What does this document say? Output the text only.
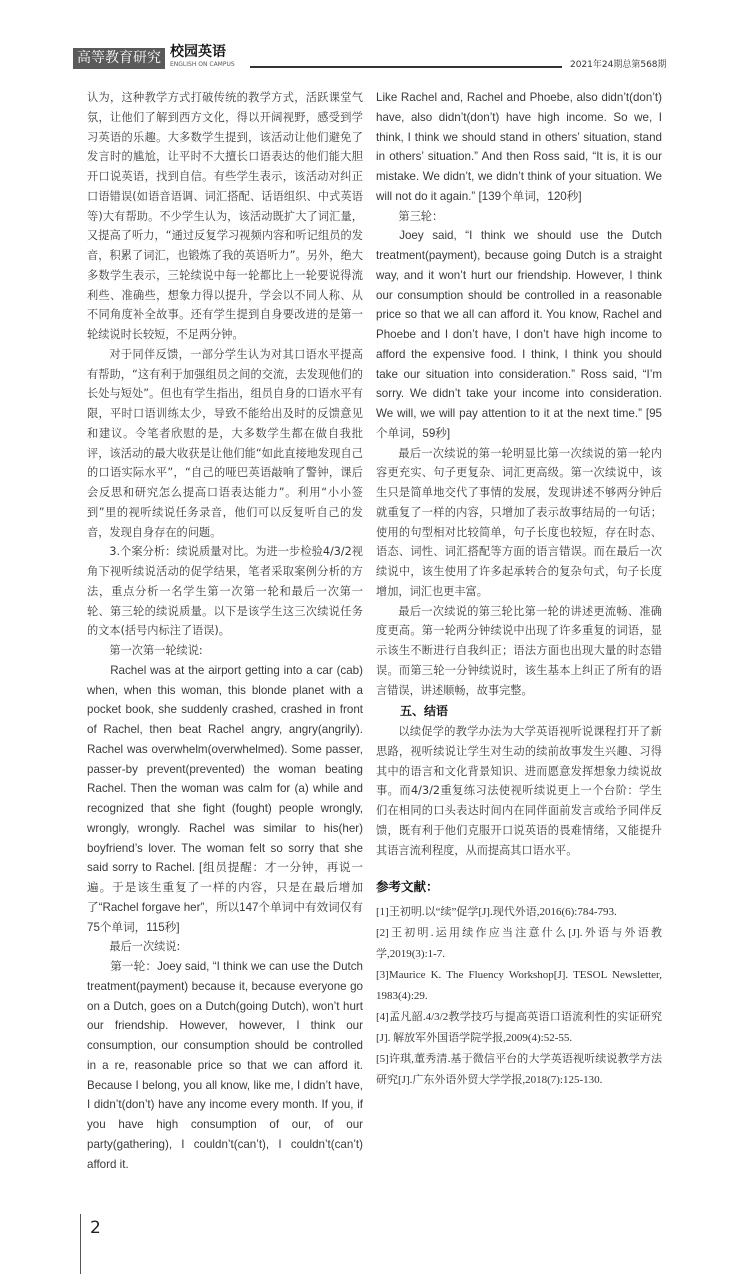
高等教育研究 校园英语
ENGLISH ON CAMPUS	2021年24期总第568期

认为，这种教学方式打破传统的教学方式，活跃课堂气氛，让他们了解到西方文化，得以开阔视野，感受到学习英语的乐趣。大多数学生提到，该活动让他们避免了发言时的尴尬，让平时不大擅长口语表达的他们能大胆开口说英语，找到自信。有些学生表示，该活动对纠正口语错误(如语音语调、词汇搭配、话语组织、中式英语等)大有帮助。不少学生认为，该活动既扩大了词汇量，又提高了听力，“通过反复学习视频内容和听记组员的发音，积累了词汇，也锻炼了我的英语听力”。另外，绝大多数学生表示，三轮续说中每一轮都比上一轮要说得流利些、准确些，想象力得以提升，学会以不同人称、从不同角度补全故事。还有学生提到自身要改进的是第一轮续说时长较短，不足两分钟。

对于同伴反馈，一部分学生认为对其口语水平提高有帮助，“这有利于加强组员之间的交流，去发现他们的长处与短处”。但也有学生指出，组员自身的口语水平有限，平时口语训练太少，导致不能给出及时的反馈意见和建议。令笔者欣慰的是，大多数学生都在做自我批评，该活动的最大收获是让他们能“如此直接地发现自己的口语实际水平”，“自己的哑巴英语敲响了警钟，课后会反思和研究怎么提高口语表达能力”。利用“小小签到”里的视听续说任务录音，他们可以反复听自己的发音，发现自身存在的问题。

3.个案分析：续说质量对比。为进一步检验4/3/2视角下视听续说活动的促学结果，笔者采取案例分析的方法，重点分析一名学生第一次第一轮和最后一次第一轮、第三轮的续说质量。以下是该学生这三次续说任务的文本(括号内标注了语误)。

第一次第一轮续说:

Rachel was at the airport getting into a car (cab) when, when this woman, this blonde planet with a pocket book, she suddenly crashed, crashed in front of Rachel, then beat Rachel angry, angry(angrily). Rachel was overwhelm(overwhelmed). Some passer, passer-by prevent(prevented) the woman beating Rachel. Then the woman was calm for (a) while and recognized that she fight (fought) people wrongly, wrongly, wrongly. Rachel was similar to his(her) boyfriend’s lover. The woman felt so sorry that she said sorry to Rachel. [组员提醒：才一分钟，再说一遍。于是该生重复了一样的内容，只是在最后增加了“Rachel forgave her”，所以147个单词中有效词仅有75个单词，115秒]

最后一次续说:

第一轮：Joey said, “I think we can use the Dutch treatment(payment) because it, because everyone go on a Dutch, goes on a Dutch(going Dutch), won’t hurt our friendship. However, however, I think our consumption, our consumption should be controlled in a re, reasonable price so that we can afford it. Because I belong, you all know, like me, I didn’t have, I didn’t(don’t) have any income every month. If you, if you have high consumption of our, of our party(gathering), I couldn’t(can’t), I couldn’t(can’t) afford it.

Like Rachel and, Rachel and Phoebe, also didn’t(don’t) have, also didn’t(don’t) have high income. So we, I think, I think we should stand in others’ situation, stand in others’ situation.” And then Ross said, “It is, it is our mistake. We didn’t, we didn’t think of your situation. We will not do it again.” [139个单词，120秒]

第三轮：

Joey said, “I think we should use the Dutch treatment(payment), because going Dutch is a straight way, and it won’t hurt our friendship. However, I think our consumption should be controlled in a reasonable price so that we all can afford it. You know, Rachel and Phoebe and I don’t have, I don’t have high income to afford the expensive food. I think, I think you should take our situation into consideration.” Ross said, “I’m sorry. We didn’t take your income into consideration. We will, we will pay attention to it at the next time.” [95个单词，59秒]

最后一次续说的第一轮明显比第一次续说的第一轮内容更充实、句子更复杂、词汇更高级。第一次续说中，该生只是简单地交代了事情的发展，发现讲述不够两分钟后就重复了一样的内容，只增加了表示故事结局的一句话；使用的句型相对比较简单，句子长度也较短，存在时态、语态、词性、词汇搭配等方面的语言错误。而在最后一次续说中，该生使用了许多起承转合的复杂句式，句子长度增加，词汇也更丰富。

最后一次续说的第三轮比第一轮的讲述更流畅、准确度更高。第一轮两分钟续说中出现了许多重复的词语，显示该生不断进行自我纠正；语法方面也出现大量的时态错误。而第三轮一分钟续说时，该生基本上纠正了所有的语言错误，讲述顺畅，故事完整。

五、结语

以续促学的教学办法为大学英语视听说课程打开了新思路，视听续说让学生对生动的续前故事发生兴趣、习得其中的语言和文化背景知识、进而愿意发挥想象力续说故事。而4/3/2重复练习法使视听续说更上一个台阶：学生们在相同的口头表达时间内在同伴面前发言或给予同伴反馈，既有利于他们克服开口说英语的畏难情绪，又能提升其语言流利程度，从而提高其口语水平。

参考文献：
[1]王初明.以“续”促学[J].现代外语,2016(6):784-793.
[2]王初明.运用续作应当注意什么[J].外语与外语教学,2019(3):1-7.
[3]Maurice K. The Fluency Workshop[J]. TESOL Newsletter, 1983(4):29.
[4]孟凡韶.4/3/2教学技巧与提高英语口语流利性的实证研究[J]. 解放军外国语学院学报,2009(4):52-55.
[5]许琪,董秀清.基于微信平台的大学英语视听续说教学方法研究[J].广东外语外贸大学学报,2018(7):125-130.
2
